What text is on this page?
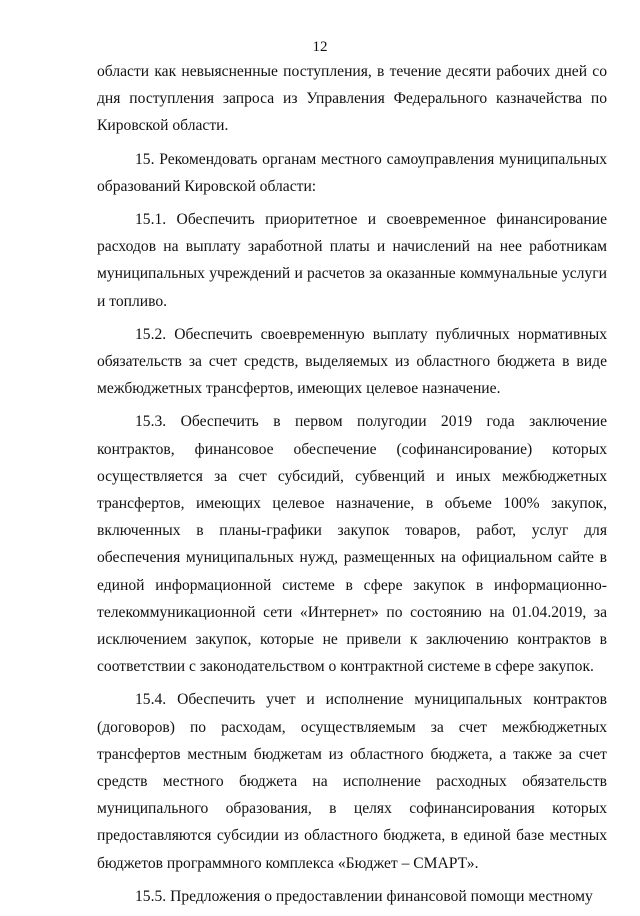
12

области как невыясненные поступления, в течение десяти рабочих дней со дня поступления запроса из Управления Федерального казначейства по Кировской области.

15. Рекомендовать органам местного самоуправления муниципальных образований Кировской области:

15.1. Обеспечить приоритетное и своевременное финансирование расходов на выплату заработной платы и начислений на нее работникам муниципальных учреждений и расчетов за оказанные коммунальные услуги и топливо.

15.2. Обеспечить своевременную выплату публичных нормативных обязательств за счет средств, выделяемых из областного бюджета в виде межбюджетных трансфертов, имеющих целевое назначение.

15.3. Обеспечить в первом полугодии 2019 года заключение контрактов, финансовое обеспечение (софинансирование) которых осуществляется за счет субсидий, субвенций и иных межбюджетных трансфертов, имеющих целевое назначение, в объеме 100% закупок, включенных в планы-графики закупок товаров, работ, услуг для обеспечения муниципальных нужд, размещенных на официальном сайте в единой информационной системе в сфере закупок в информационно-телекоммуникационной сети «Интернет» по состоянию на 01.04.2019, за исключением закупок, которые не привели к заключению контрактов в соответствии с законодательством о контрактной системе в сфере закупок.

15.4. Обеспечить учет и исполнение муниципальных контрактов (договоров) по расходам, осуществляемым за счет межбюджетных трансфертов местным бюджетам из областного бюджета, а также за счет средств местного бюджета на исполнение расходных обязательств муниципального образования, в целях софинансирования которых предоставляются субсидии из областного бюджета, в единой базе местных бюджетов программного комплекса «Бюджет – СМАРТ».

15.5. Предложения о предоставлении финансовой помощи местному
